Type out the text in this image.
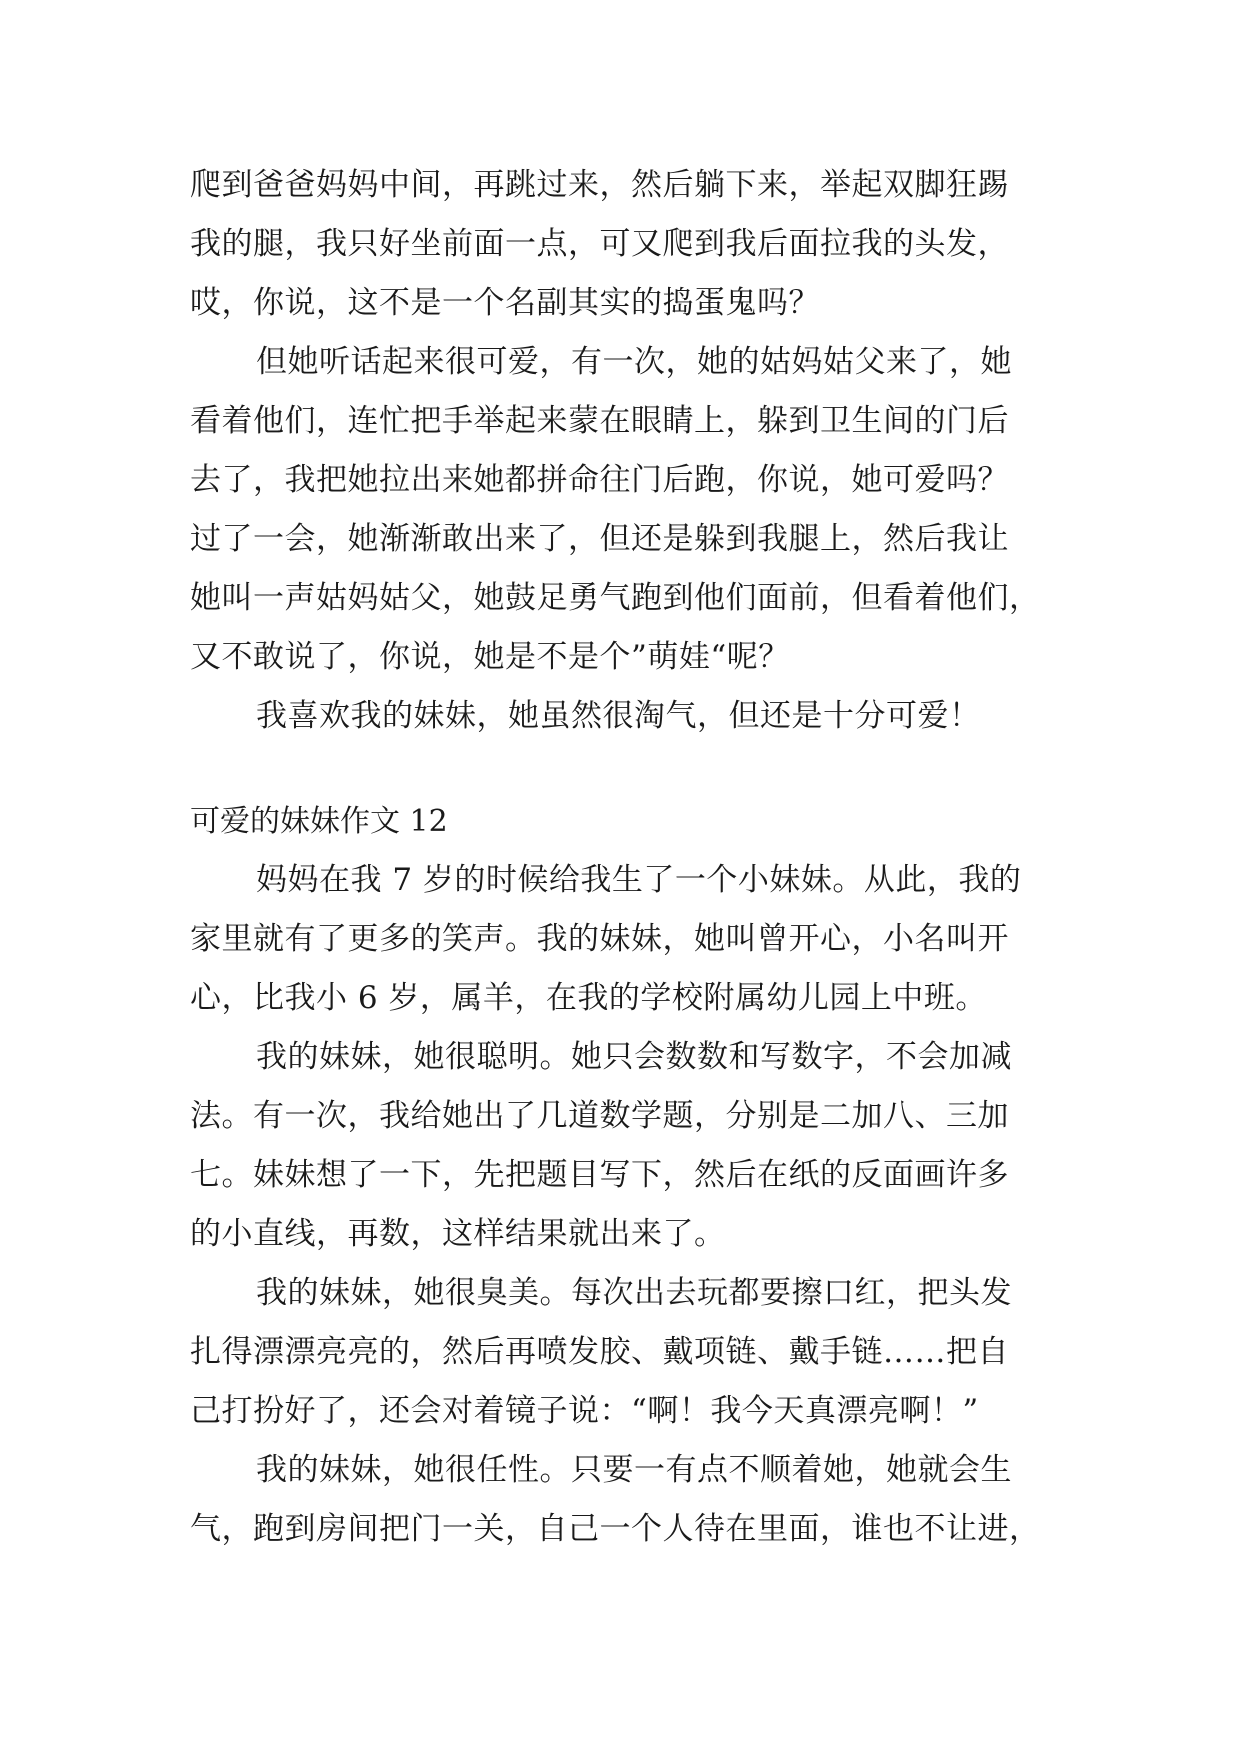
爬到爸爸妈妈中间，再跳过来，然后躺下来，举起双脚狂踢
我的腿，我只好坐前面一点，可又爬到我后面拉我的头发，
哎，你说，这不是一个名副其实的捣蛋鬼吗？
但她听话起来很可爱，有一次，她的姑妈姑父来了，她
看着他们，连忙把手举起来蒙在眼睛上，躲到卫生间的门后
去了，我把她拉出来她都拼命往门后跑，你说，她可爱吗？
过了一会，她渐渐敢出来了，但还是躲到我腿上，然后我让
她叫一声姑妈姑父，她鼓足勇气跑到他们面前，但看着他们，
又不敢说了，你说，她是不是个”萌娃“呢？
我喜欢我的妹妹，她虽然很淘气，但还是十分可爱！
可爱的妹妹作文 12
妈妈在我 7 岁的时候给我生了一个小妹妹。从此，我的
家里就有了更多的笑声。我的妹妹，她叫曾开心，小名叫开
心，比我小 6 岁，属羊，在我的学校附属幼儿园上中班。
我的妹妹，她很聪明。她只会数数和写数字，不会加减
法。有一次，我给她出了几道数学题，分别是二加八、三加
七。妹妹想了一下，先把题目写下，然后在纸的反面画许多
的小直线，再数，这样结果就出来了。
我的妹妹，她很臭美。每次出去玩都要擦口红，把头发
扎得漂漂亮亮的，然后再喷发胶、戴项链、戴手链……把自
己打扮好了，还会对着镜子说：“啊！我今天真漂亮啊！”
我的妹妹，她很任性。只要一有点不顺着她，她就会生
气，跑到房间把门一关，自己一个人待在里面，谁也不让进，
